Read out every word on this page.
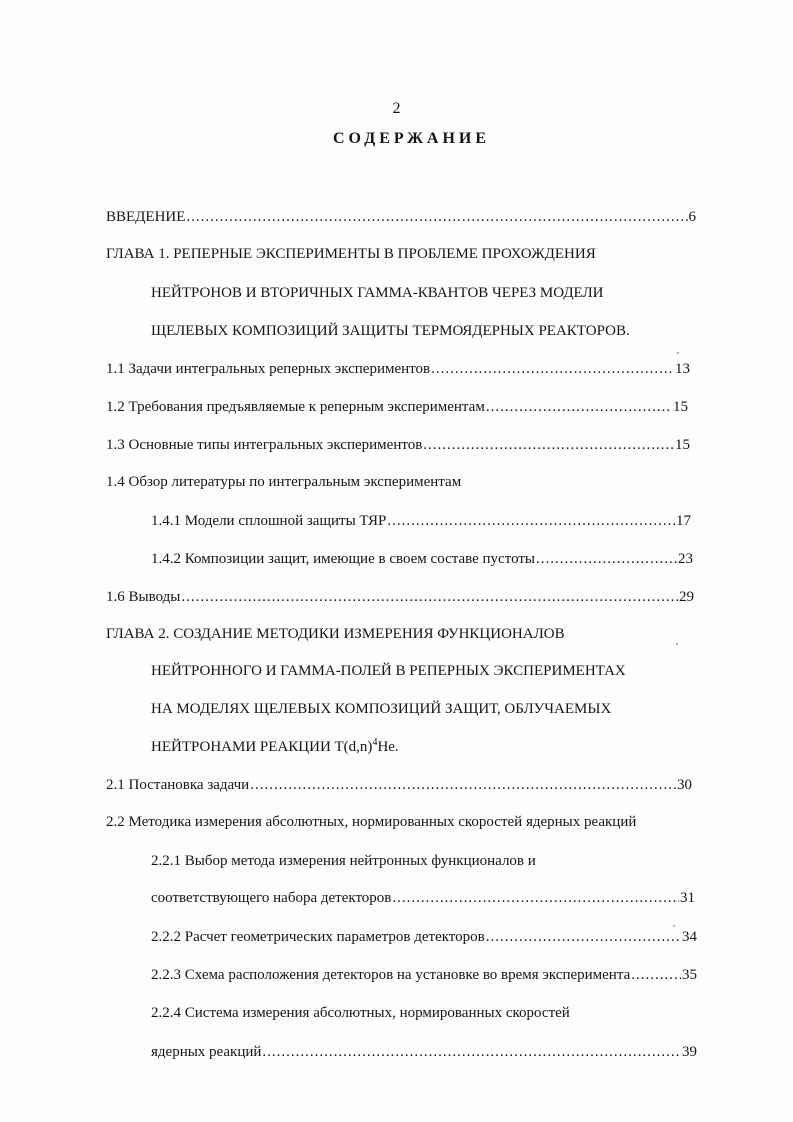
2
СОДЕРЖАНИЕ
ВВЕДЕНИЕ .....	6
ГЛАВА 1. РЕПЕРНЫЕ ЭКСПЕРИМЕНТЫ В ПРОБЛЕМЕ ПРОХОЖДЕНИЯ
НЕЙТРОНОВ И ВТОРИЧНЫХ ГАММА-КВАНТОВ ЧЕРЕЗ МОДЕЛИ
ЩЕЛЕВЫХ КОМПОЗИЦИЙ ЗАЩИТЫ ТЕРМОЯДЕРНЫХ РЕАКТОРОВ.
1.1 Задачи интегральных реперных экспериментов .....	13
1.2 Требования предъявляемые к реперным экспериментам .....	15
1.3 Основные типы интегральных экспериментов .....	15
1.4 Обзор литературы по интегральным экспериментам
1.4.1 Модели сплошной защиты ТЯР .....	17
1.4.2 Композиции защит, имеющие в своем составе пустоты .....	23
1.6 Выводы .....	29
ГЛАВА 2. СОЗДАНИЕ МЕТОДИКИ ИЗМЕРЕНИЯ ФУНКЦИОНАЛОВ
НЕЙТРОННОГО И ГАММА-ПОЛЕЙ В РЕПЕРНЫХ ЭКСПЕРИМЕНТАХ
НА МОДЕЛЯХ ЩЕЛЕВЫХ КОМПОЗИЦИЙ ЗАЩИТ, ОБЛУЧАЕМЫХ
НЕЙТРОНАМИ РЕАКЦИИ $Т(d,n)^4He$.
2.1 Постановка задачи .....	30
2.2 Методика измерения абсолютных, нормированных скоростей ядерных реакций
2.2.1 Выбор метода измерения нейтронных функционалов и
соответствующего набора детекторов .....	31
2.2.2 Расчет геометрических параметров детекторов .....	34
2.2.3 Схема расположения детекторов на установке во время эксперимента .....	35
2.2.4 Система измерения абсолютных, нормированных скоростей
ядерных реакций .....	39
